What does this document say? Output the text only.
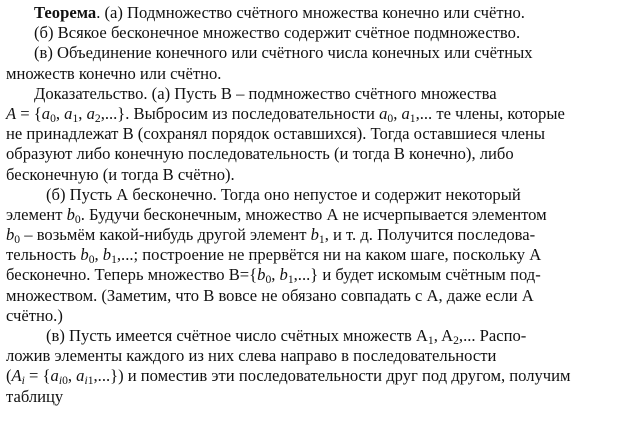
Теорема. (а) Подмножество счётного множества конечно или счётно.
(б) Всякое бесконечное множество содержит счётное подмножество.
(в) Объединение конечного или счётного числа конечных или счётных
множеств конечно или счётно.
Доказательство. (а) Пусть В – подмножество счётного множества
$A = \{a_0$, $a_1$, $a_2$,...}. Выбросим из последовательности $a_0$, $a_1$,... те члены, которые
не принадлежат В (сохранял порядок оставшихся). Тогда оставшиеся члены
образуют либо конечную последовательность (и тогда В конечно), либо
бесконечную (и тогда В счётно).
(б) Пусть А бесконечно. Тогда оно непустое и содержит некоторый
элемент $b_0$. Будучи бесконечным, множество А не исчерпывается элементом
$b_0$ – возьмём какой-нибудь другой элемент $b_1$, и т. д. Получится последова-
тельность $b_0$, $b_1$,...; построение не прервётся ни на каком шаге, поскольку А
бесконечно. Теперь множество $В=\{b_0$, $b_1$,...} и будет искомым счётным под-
множеством. (Заметим, что В вовсе не обязано совпадать с А, даже если А
счётно.)
(в) Пусть имеется счётное число счётных множеств $A_1$, $A_2$,... Распо-
ложив элементы каждого из них слева направо в последовательности
($A_i = \{a_{i0}$, $a_{i1}$,...}) и поместив эти последовательности друг под другом, получим
таблицу
